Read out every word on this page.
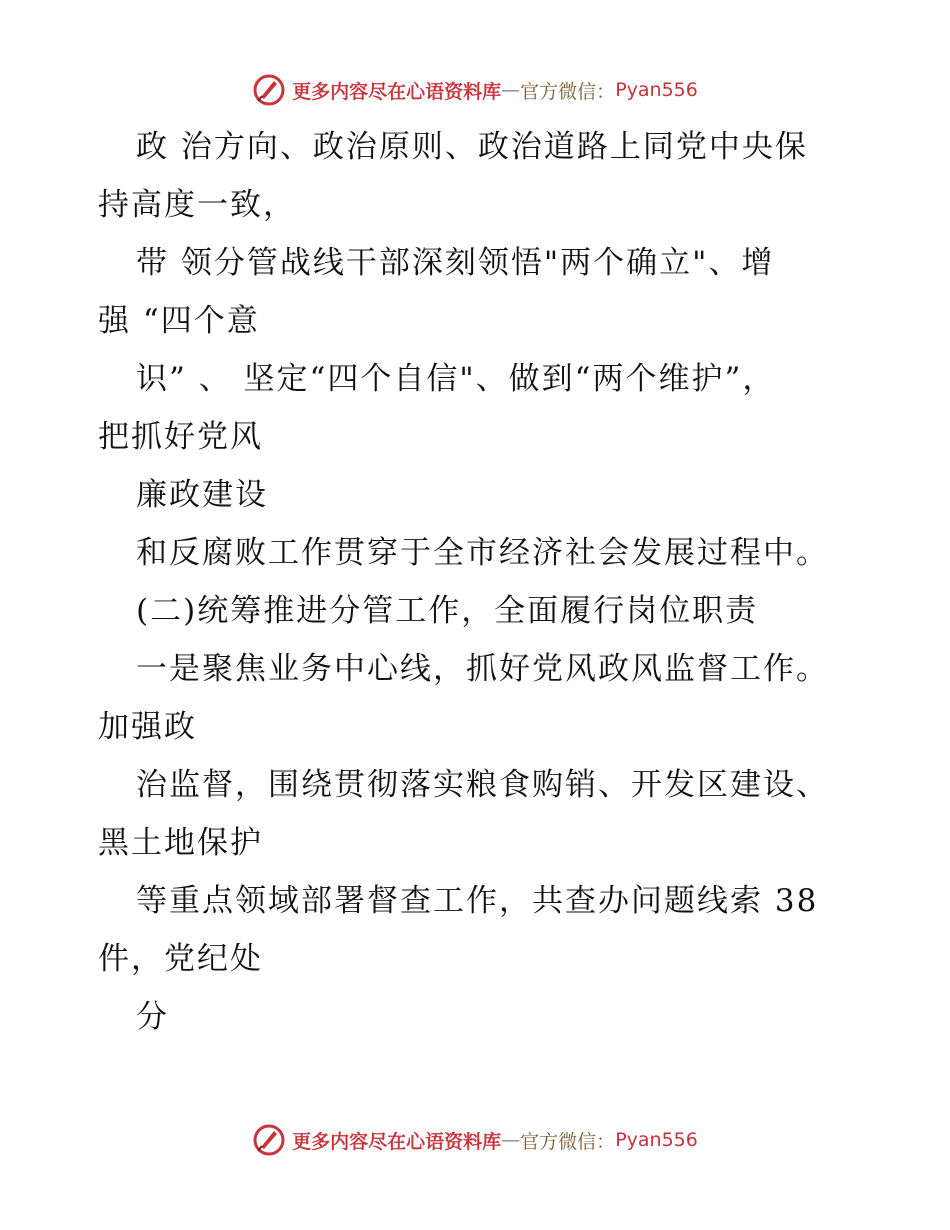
更多内容尽在心语资料库 — 官方微信： Pyan556
政 治方向、政治原则、政治道路上同党中央保
持高度一致，
带 领分管战线干部深刻领悟"两个确立"、增
强 “四个意
识” 、 坚定“四个自信"、做到“两个维护”，
把抓好党风
廉政建设
和反腐败工作贯穿于全市经济社会发展过程中。
(二)统筹推进分管工作，全面履行岗位职责
一是聚焦业务中心线，抓好党风政风监督工作。
加强政
治监督，围绕贯彻落实粮食购销、开发区建设、
黑土地保护
等重点领域部署督查工作，共查办问题线索 38
件，党纪处
分
更多内容尽在心语资料库 — 官方微信： Pyan556
